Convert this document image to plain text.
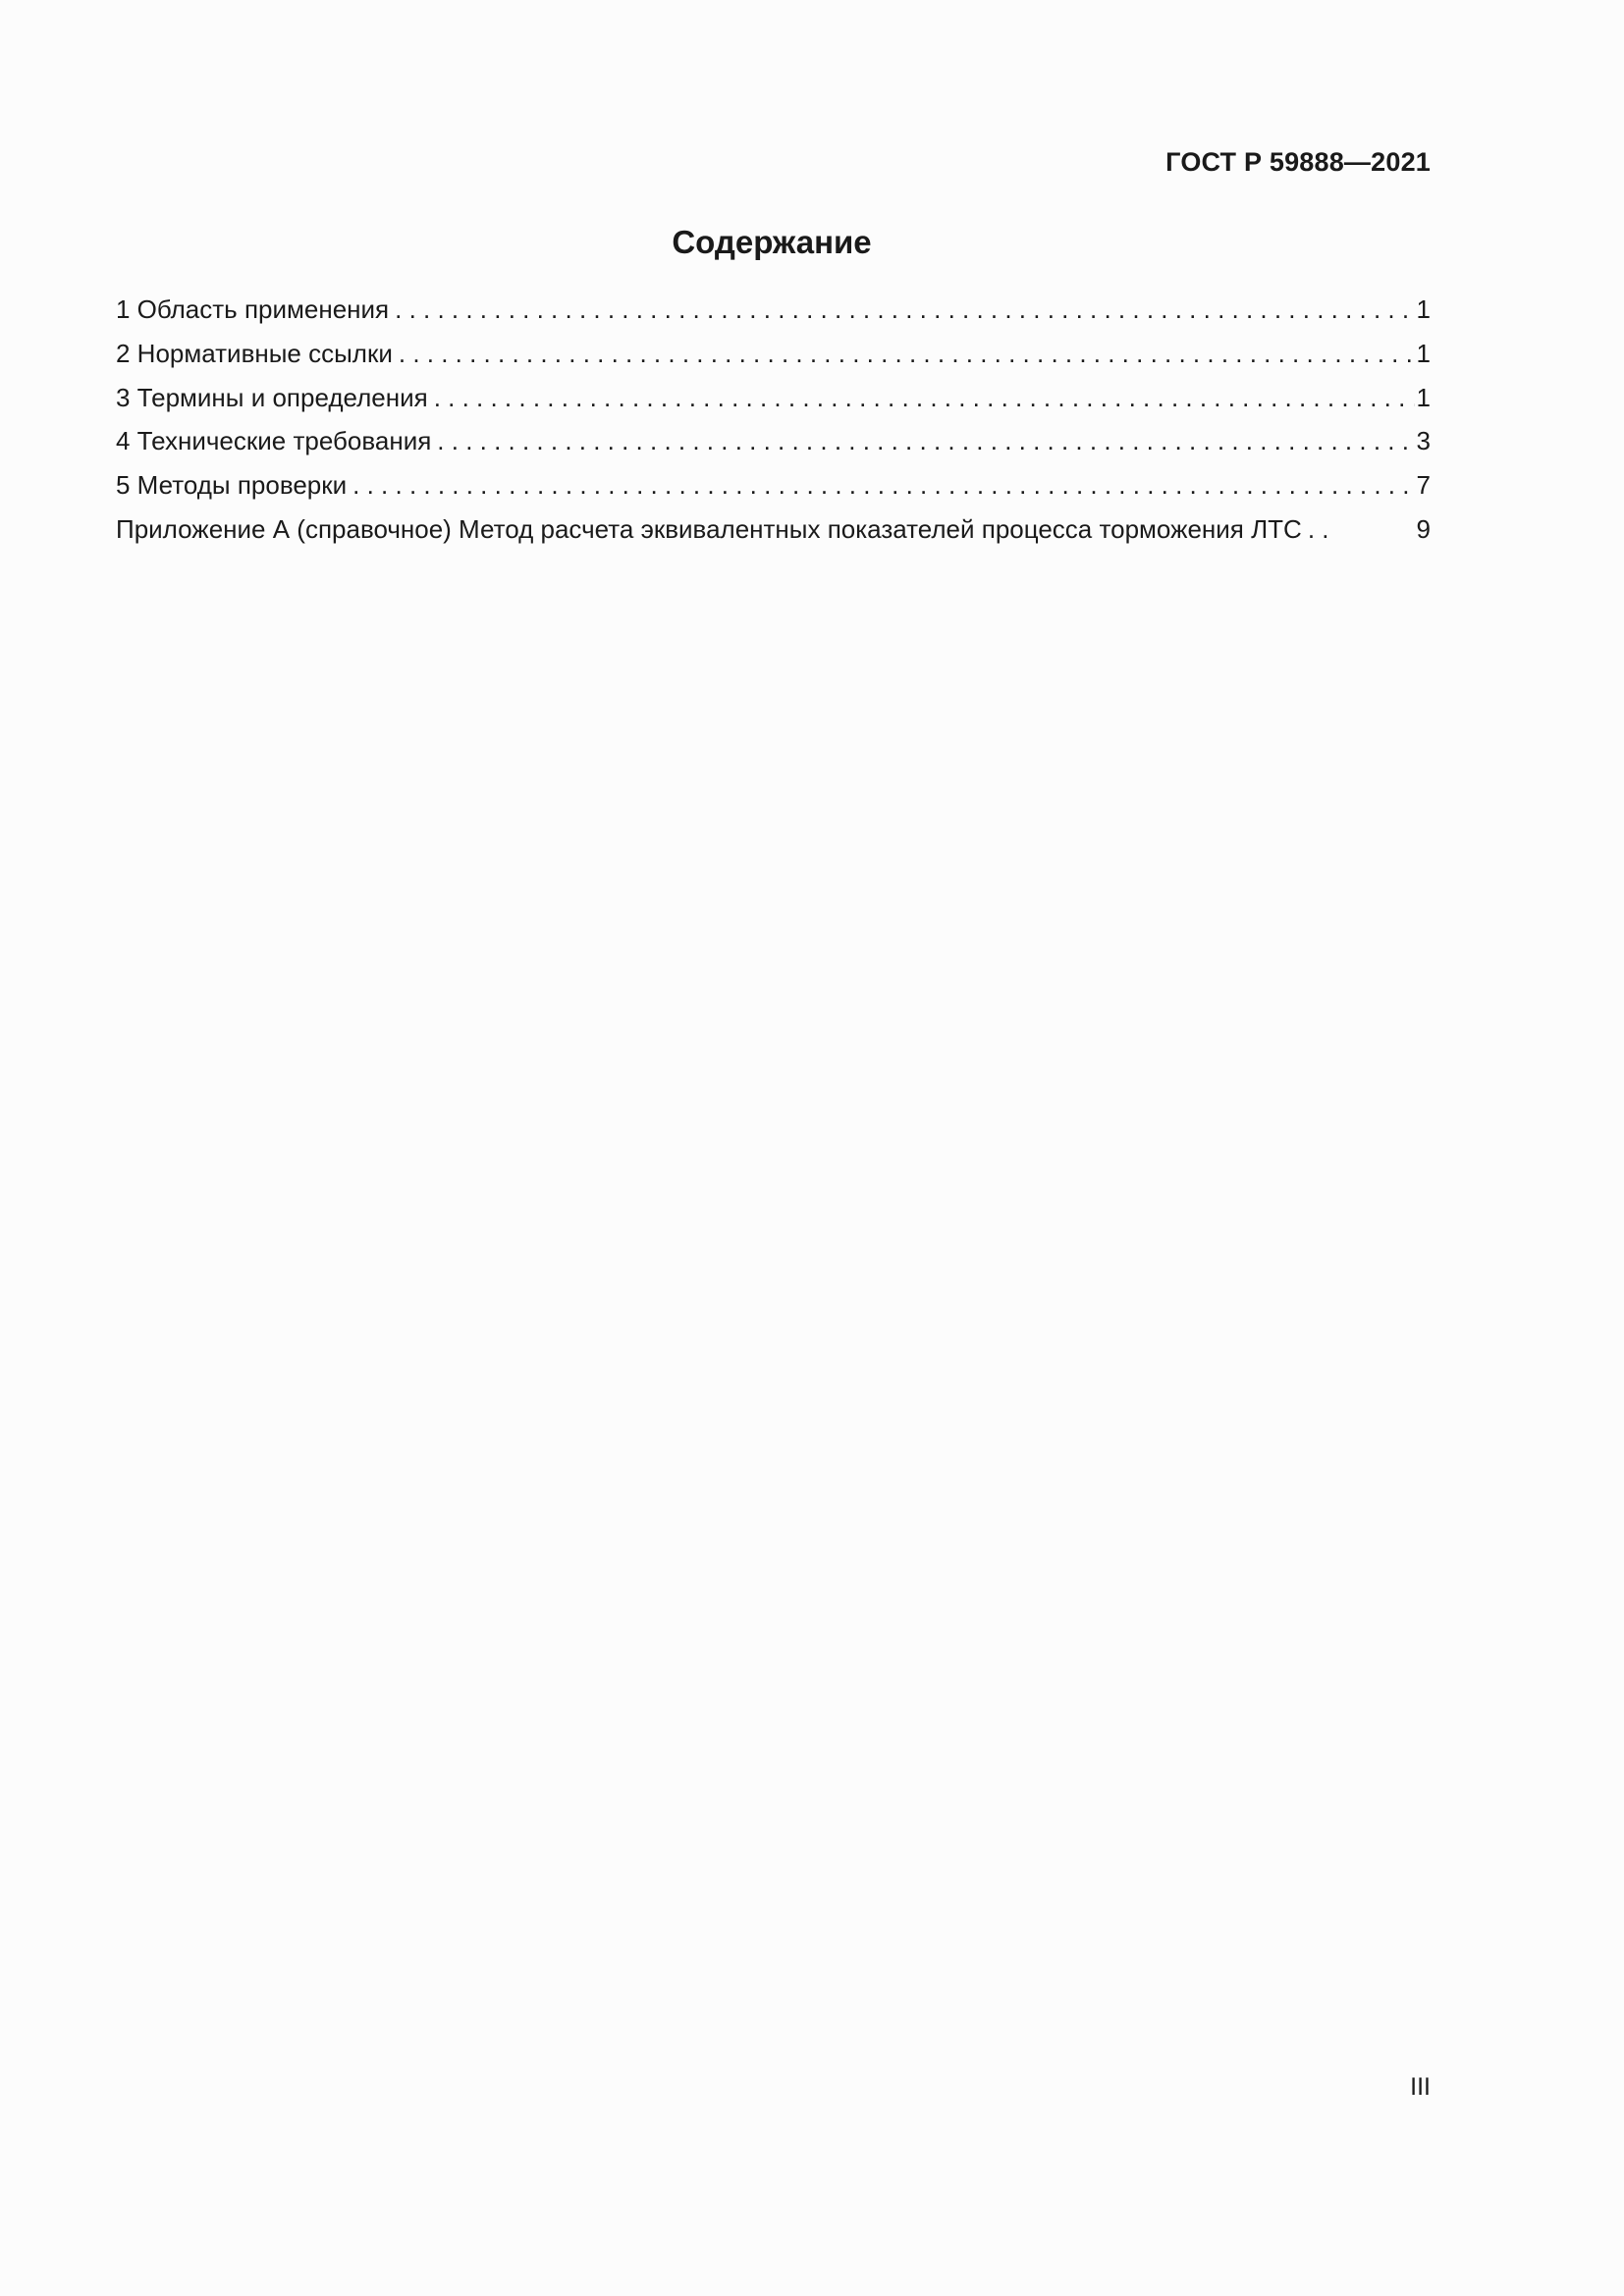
ГОСТ Р 59888—2021
Содержание
1 Область применения . . .	1
2 Нормативные ссылки . . .	1
3 Термины и определения . . .	1
4 Технические требования . . .	3
5 Методы проверки . . .	7
Приложение А (справочное) Метод расчета эквивалентных показателей процесса торможения ЛТС . .	9
III
